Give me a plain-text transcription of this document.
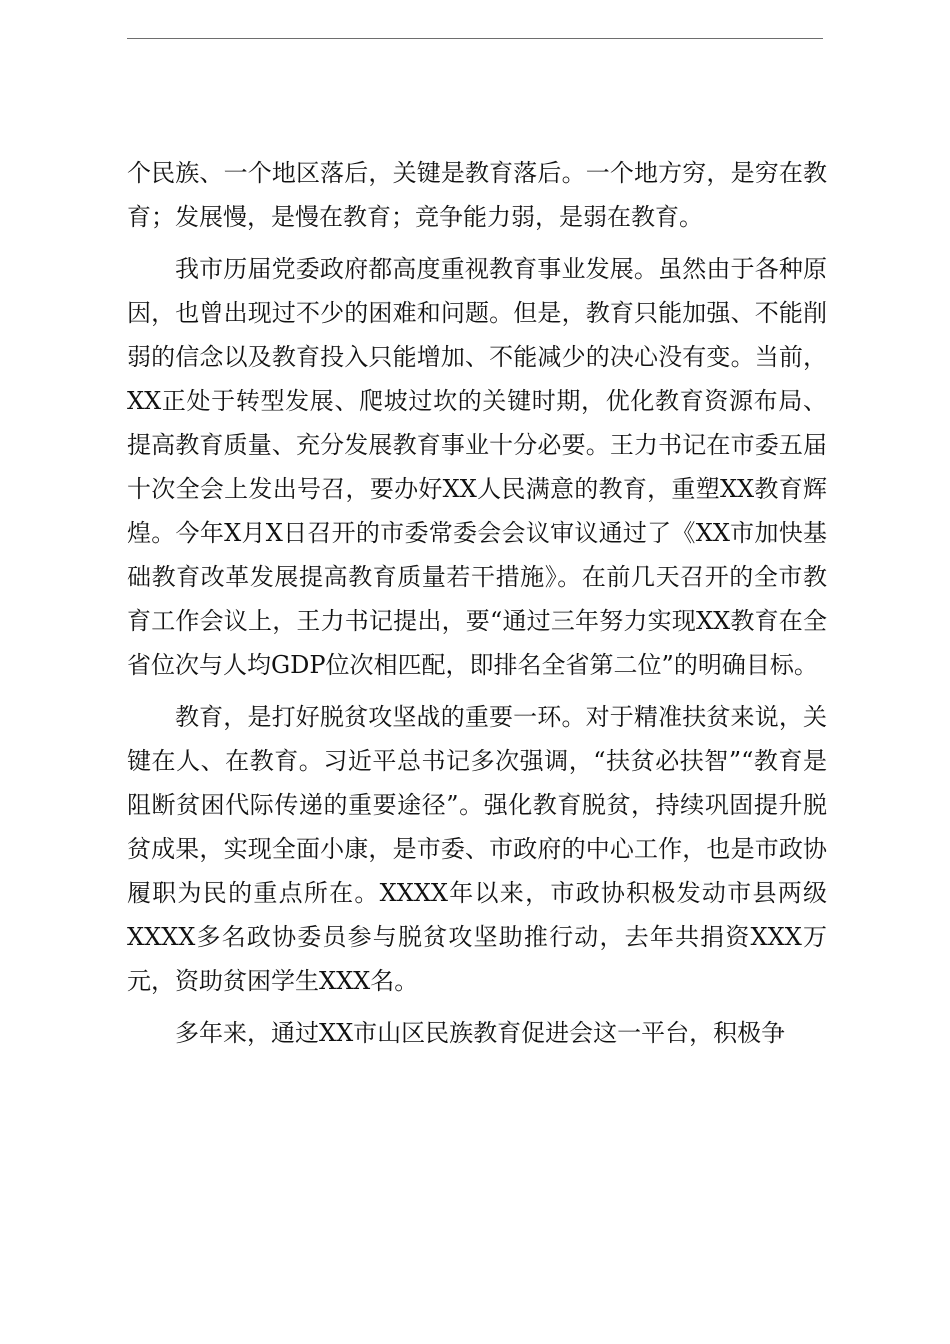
个民族、一个地区落后，关键是教育落后。一个地方穷，是穷在教育；发展慢，是慢在教育；竞争能力弱，是弱在教育。

我市历届党委政府都高度重视教育事业发展。虽然由于各种原因，也曾出现过不少的困难和问题。但是，教育只能加强、不能削弱的信念以及教育投入只能增加、不能减少的决心没有变。当前，XX正处于转型发展、爬坡过坎的关键时期，优化教育资源布局、提高教育质量、充分发展教育事业十分必要。王力书记在市委五届十次全会上发出号召，要办好XX人民满意的教育，重塑XX教育辉煌。今年X月X日召开的市委常委会会议审议通过了《XX市加快基础教育改革发展提高教育质量若干措施》。在前几天召开的全市教育工作会议上，王力书记提出，要“通过三年努力实现XX教育在全省位次与人均GDP位次相匹配，即排名全省第二位”的明确目标。

教育，是打好脱贫攻坚战的重要一环。对于精准扶贫来说，关键在人、在教育。习近平总书记多次强调，“扶贫必扶智”“教育是阻断贫困代际传递的重要途径”。强化教育脱贫，持续巩固提升脱贫成果，实现全面小康，是市委、市政府的中心工作，也是市政协履职为民的重点所在。XXXX年以来，市政协积极发动市县两级XXXX多名政协委员参与脱贫攻坚助推行动，去年共捐资XXX万元，资助贫困学生XXX名。

多年来，通过XX市山区民族教育促进会这一平台，积极争
